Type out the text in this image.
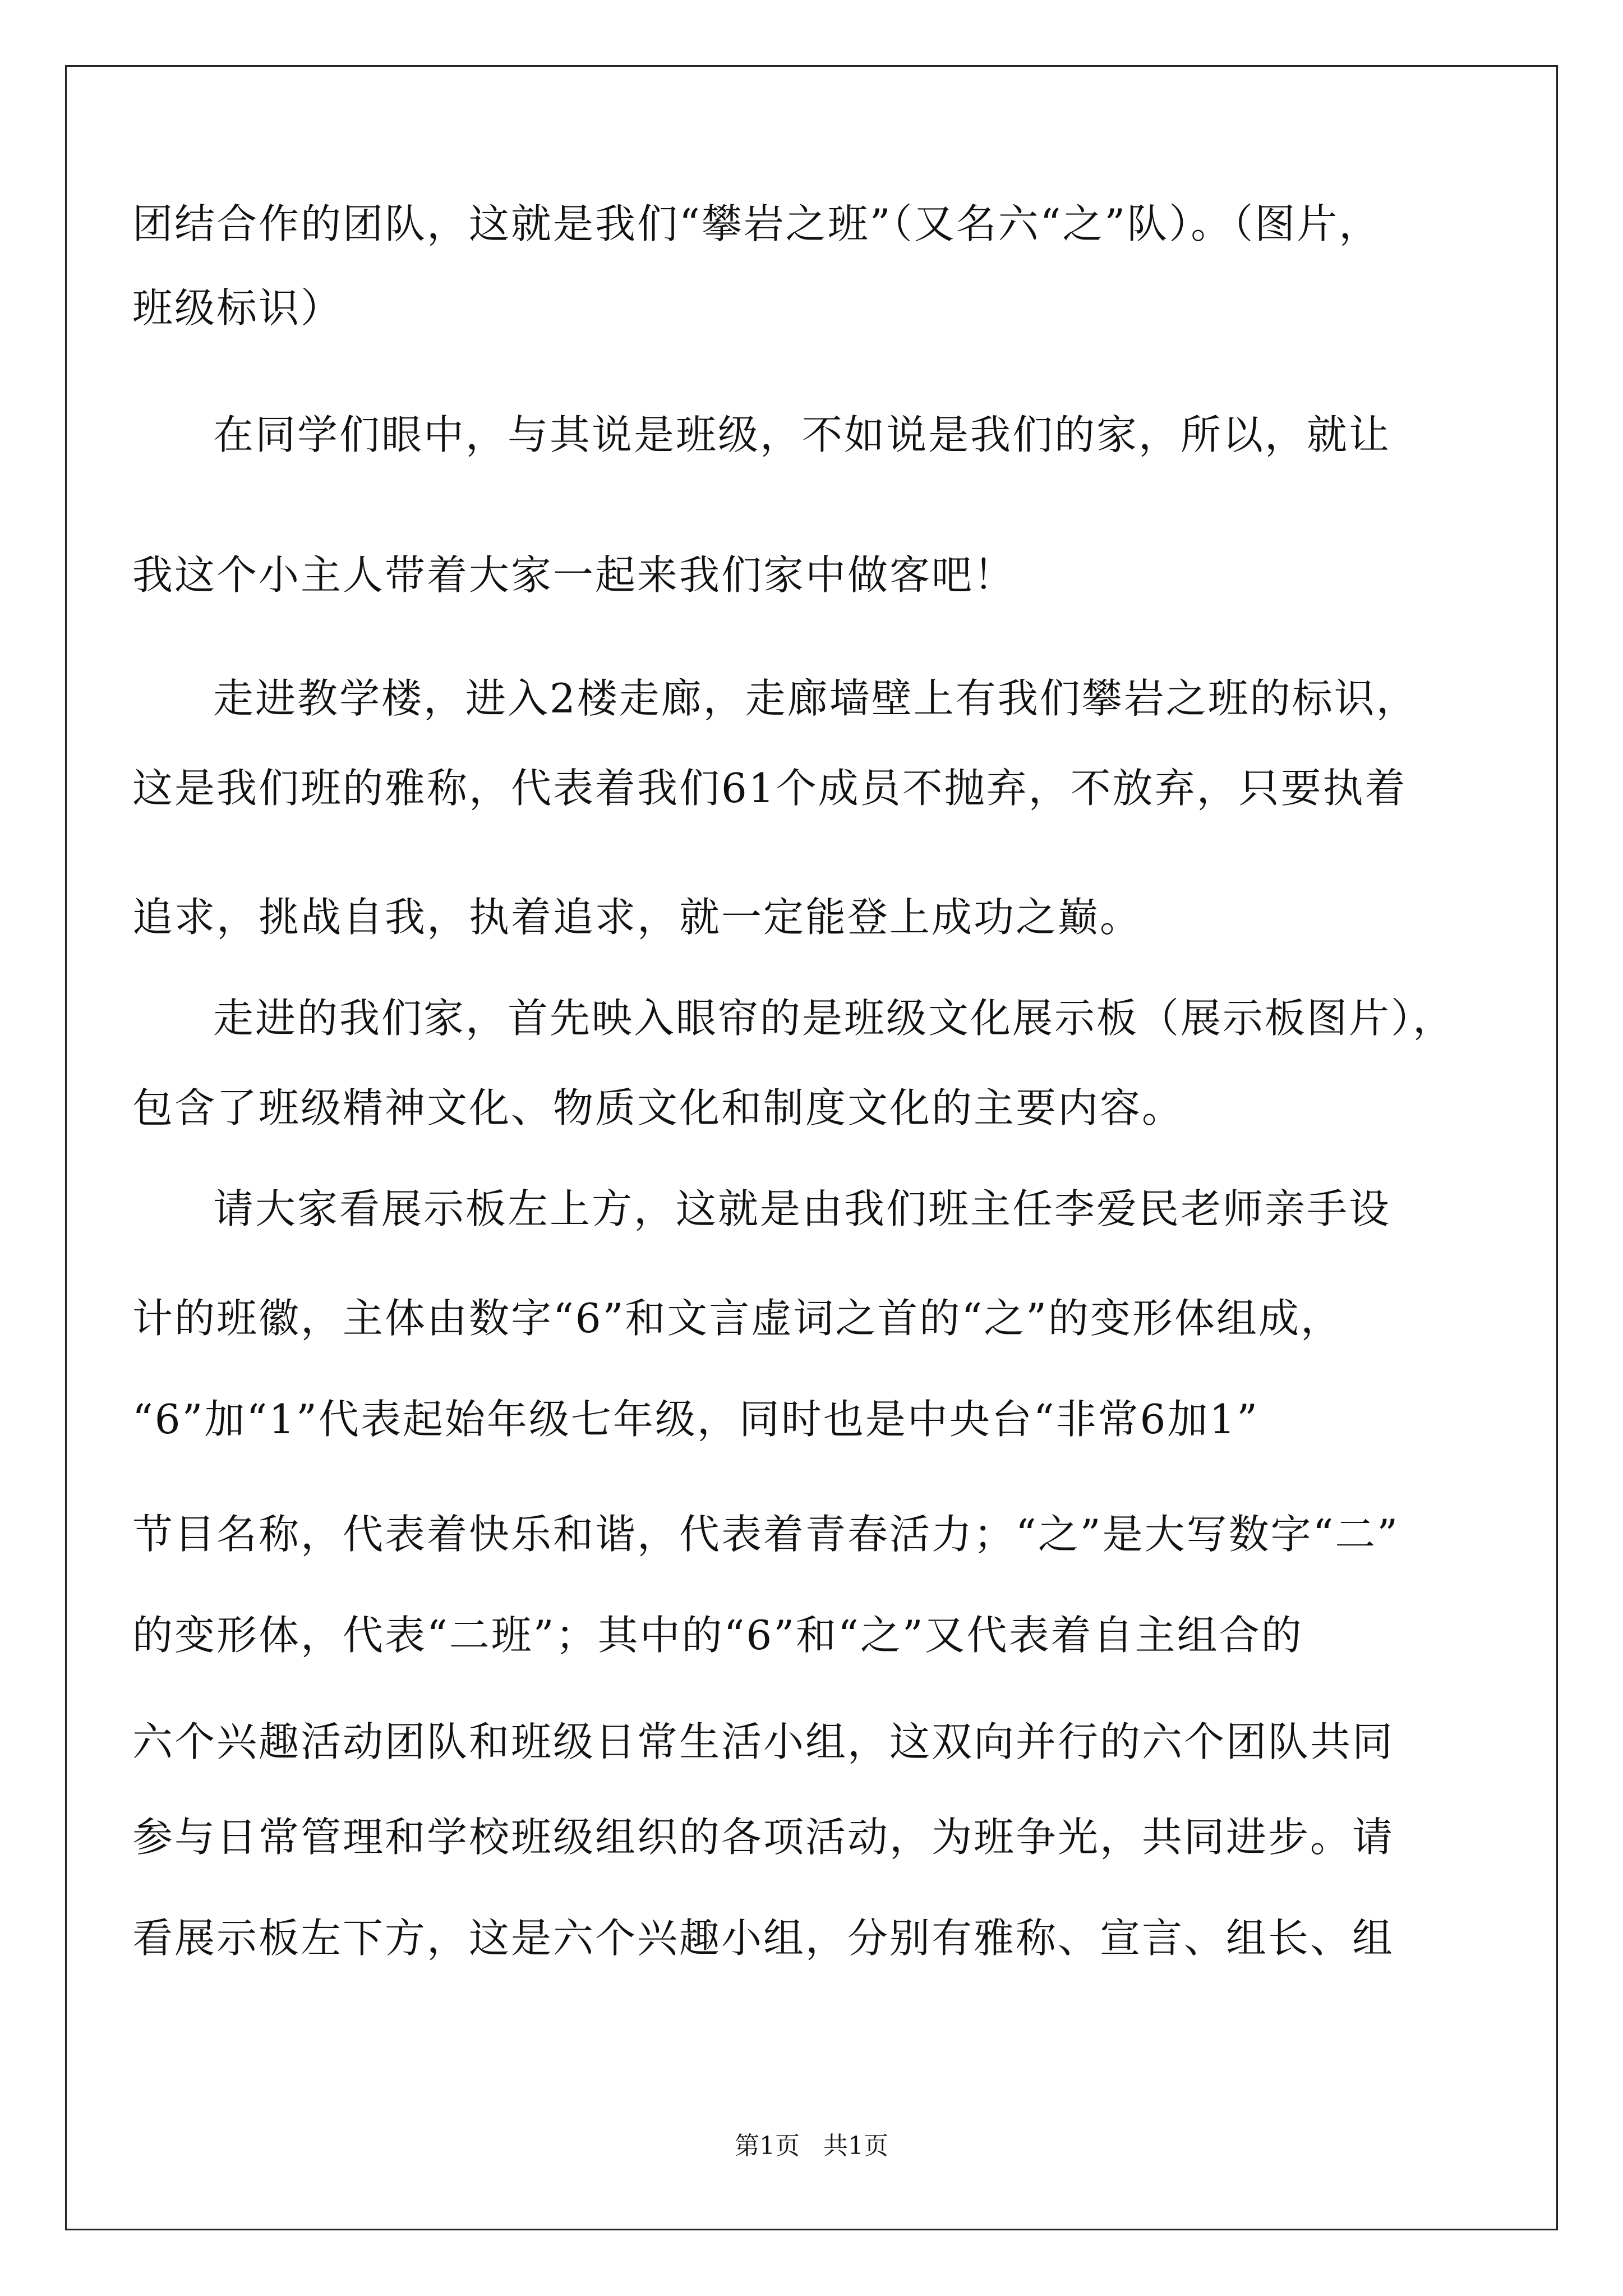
团结合作的团队，这就是我们“攀岩之班”（又名六“之”队）。（图片，
班级标识）
在同学们眼中，与其说是班级，不如说是我们的家，所以，就让
我这个小主人带着大家一起来我们家中做客吧！
走进教学楼，进入2楼走廊，走廊墙壁上有我们攀岩之班的标识，
这是我们班的雅称，代表着我们61个成员不抛弃，不放弃，只要执着
追求，挑战自我，执着追求，就一定能登上成功之巅。
走进的我们家，首先映入眼帘的是班级文化展示板（展示板图片），
包含了班级精神文化、物质文化和制度文化的主要内容。
请大家看展示板左上方，这就是由我们班主任李爱民老师亲手设
计的班徽，主体由数字“6”和文言虚词之首的“之”的变形体组成，
“6”加“1”代表起始年级七年级，同时也是中央台“非常6加1”
节目名称，代表着快乐和谐，代表着青春活力；“之”是大写数字“二”
的变形体，代表“二班”；其中的“6”和“之”又代表着自主组合的
六个兴趣活动团队和班级日常生活小组，这双向并行的六个团队共同
参与日常管理和学校班级组织的各项活动，为班争光，共同进步。请
看展示板左下方，这是六个兴趣小组，分别有雅称、宣言、组长、组
第1页   共1页
